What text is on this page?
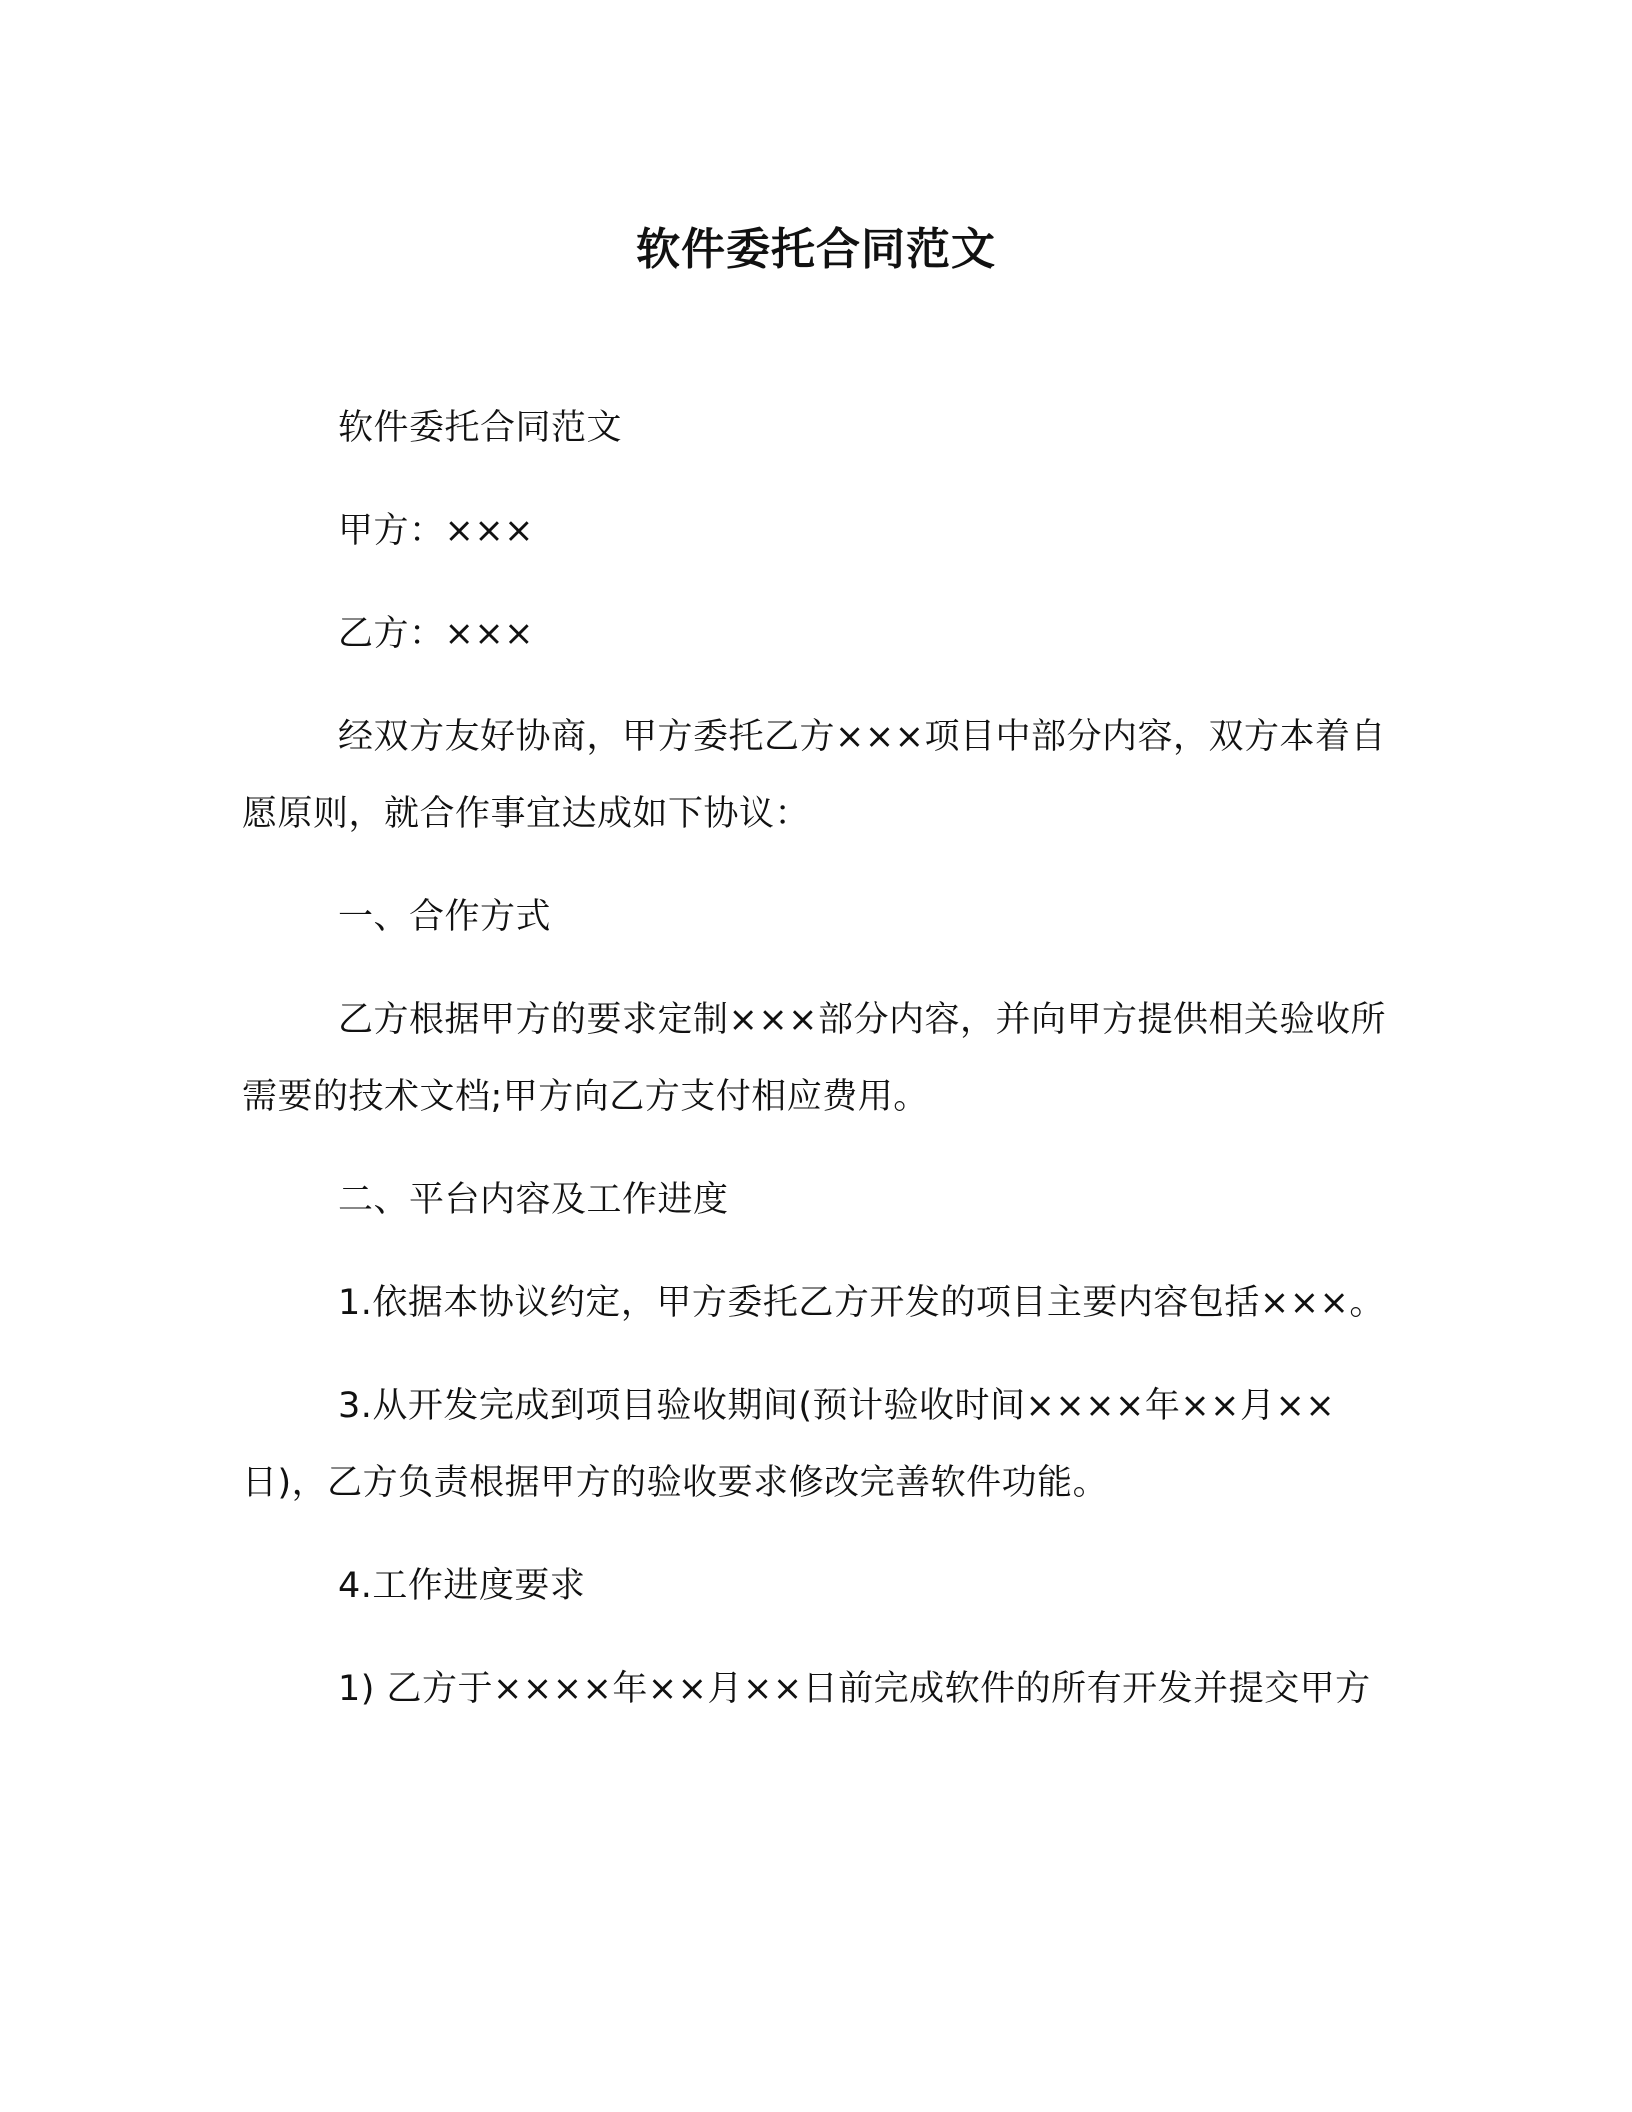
软件委托合同范文

软件委托合同范文

甲方：×××

乙方：×××

经双方友好协商，甲方委托乙方×××项目中部分内容，双方本着自愿原则，就合作事宜达成如下协议：

一、合作方式

乙方根据甲方的要求定制×××部分内容，并向甲方提供相关验收所需要的技术文档;甲方向乙方支付相应费用。

二、平台内容及工作进度

1.依据本协议约定，甲方委托乙方开发的项目主要内容包括×××。

3.从开发完成到项目验收期间(预计验收时间××××年××月××日)，乙方负责根据甲方的验收要求修改完善软件功能。

4.工作进度要求

1) 乙方于××××年××月××日前完成软件的所有开发并提交甲方
